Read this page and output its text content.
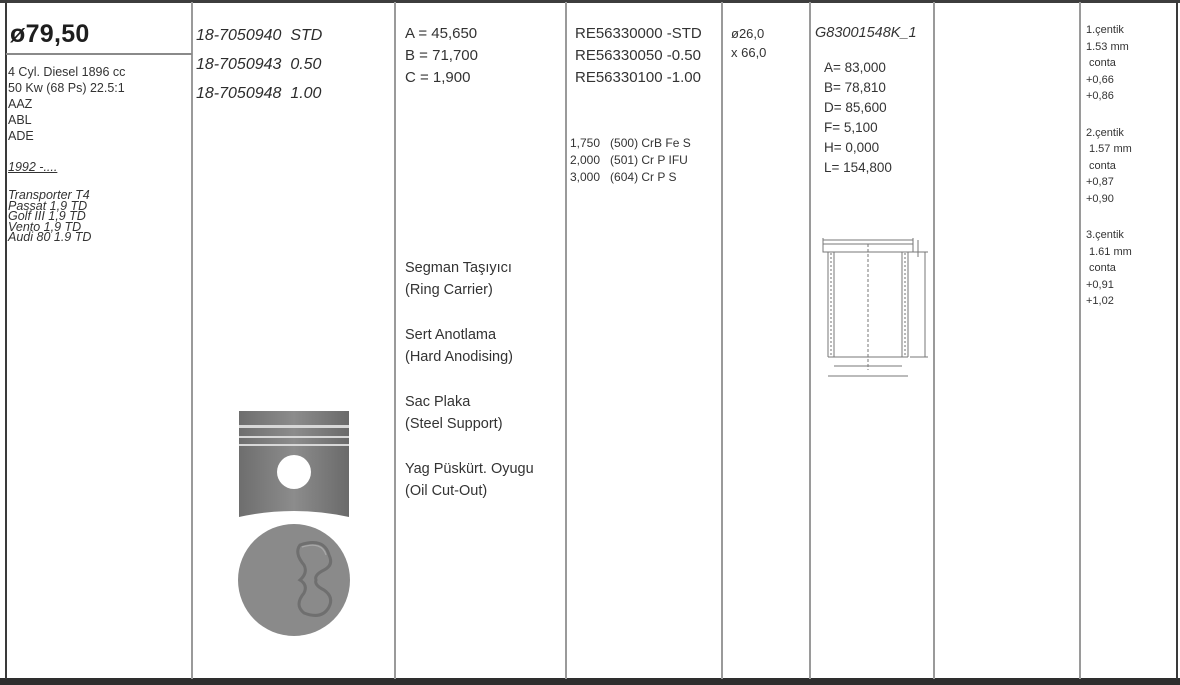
ø79,50
4 Cyl. Diesel 1896 cc
50 Kw (68 Ps) 22.5:1
AAZ
ABL
ADE
1992 -....
Transporter T4
Passat 1,9 TD
Golf III 1,9 TD
Vento 1,9 TD
Audi 80 1.9 TD
18-7050940 STD
18-7050943 0.50
18-7050948 1.00
A = 45,650
B = 71,700
C = 1,900
Segman Taşıyıcı
(Ring Carrier)
Sert Anotlama
(Hard Anodising)
Sac Plaka
(Steel Support)
Yag Püskürt. Oyugu
(Oil Cut-Out)
RE56330000 -STD
RE56330050 -0.50
RE56330100 -1.00
1,750 (500) CrB Fe S
2,000 (501) Cr P IFU
3,000 (604) Cr P S
ø26,0
x 66,0
G83001548K_1
A= 83,000
B= 78,810
D= 85,600
F= 5,100
H= 0,000
L= 154,800
1.çentik
1.53 mm
conta
+0,66
+0,86
2.çentik
1.57 mm
conta
+0,87
+0,90
3.çentik
1.61 mm
conta
+0,91
+1,02
